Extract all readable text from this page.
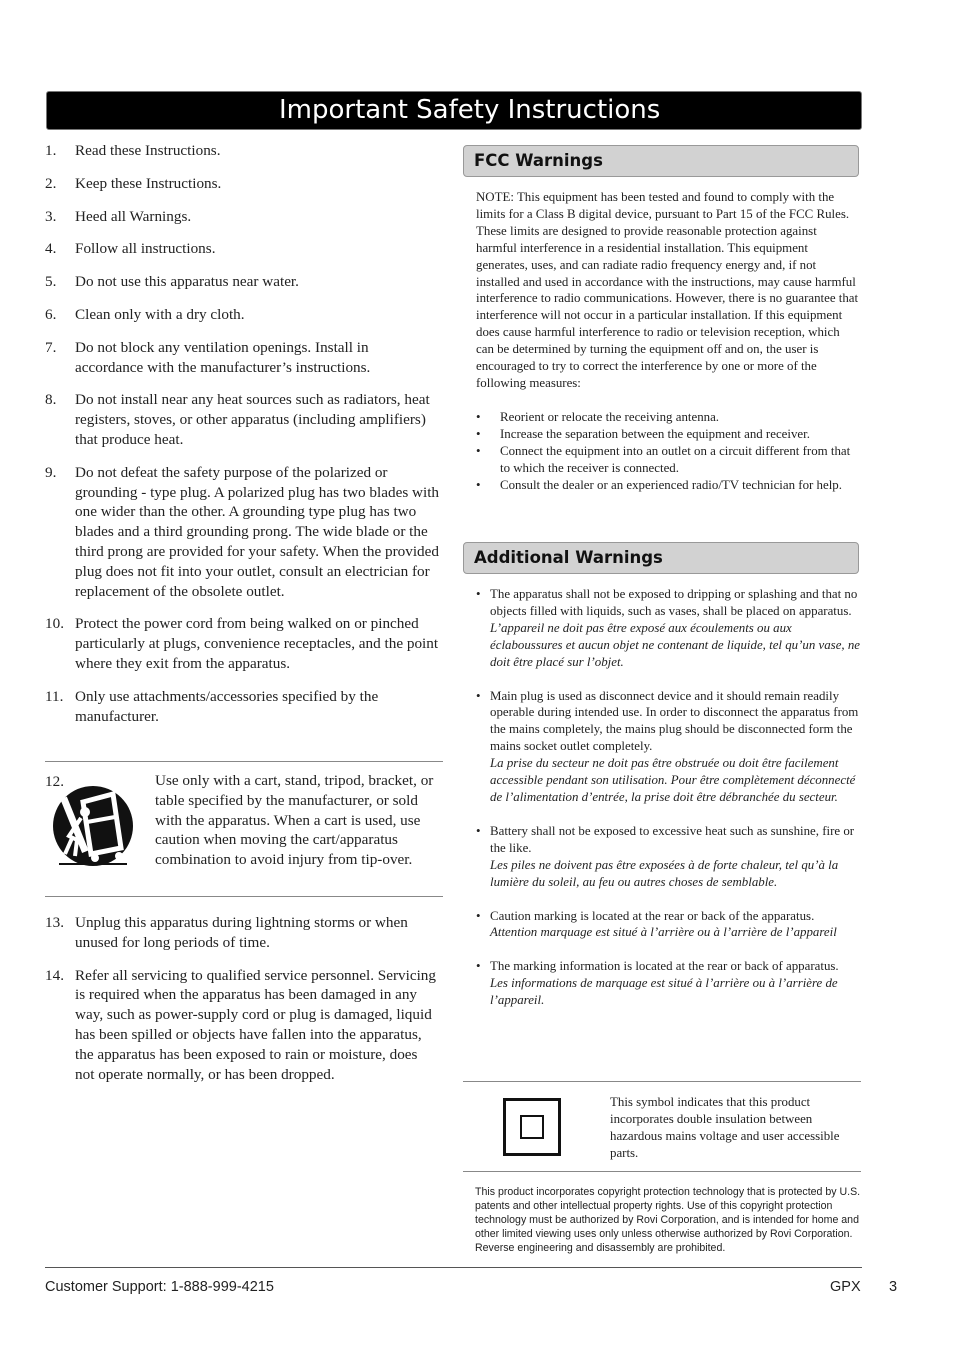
Important Safety Instructions
1. Read these Instructions.
2. Keep these Instructions.
3. Heed all Warnings.
4. Follow all instructions.
5. Do not use this apparatus near water.
6. Clean only with a dry cloth.
7. Do not block any ventilation openings. Install in accordance with the manufacturer’s instructions.
8. Do not install near any heat sources such as radiators, heat registers, stoves, or other apparatus (including amplifiers) that produce heat.
9. Do not defeat the safety purpose of the polarized or grounding - type plug. A polarized plug has two blades with one wider than the other. A grounding type plug has two blades and a third grounding prong. The wide blade or the third prong are provided for your safety. When the provided plug does not fit into your outlet, consult an electrician for replacement of the obsolete outlet.
10. Protect the power cord from being walked on or pinched particularly at plugs, convenience receptacles, and the point where they exit from the apparatus.
11. Only use attachments/accessories specified by the manufacturer.
12.	Use only with a cart, stand, tripod, bracket, or table specified by the manufacturer, or sold with the apparatus. When a cart is used, use caution when moving the cart/apparatus combination to avoid injury from tip-over.
13. Unplug this apparatus during lightning storms or when unused for long periods of time.
14. Refer all servicing to qualified service personnel. Servicing is required when the apparatus has been damaged in any way, such as power-supply cord or plug is damaged, liquid has been spilled or objects have fallen into the apparatus, the apparatus has been exposed to rain or moisture, does not operate normally, or has been dropped.
FCC Warnings
NOTE: This equipment has been tested and found to comply with the limits for a Class B digital device, pursuant to Part 15 of the FCC Rules. These limits are designed to provide reasonable protection against harmful interference in a residential installation. This equipment generates, uses, and can radiate radio frequency energy and, if not installed and used in accordance with the instructions, may cause harmful interference to radio communications. However, there is no guarantee that interference will not occur in a particular installation. If this equipment does cause harmful interference to radio or television reception, which can be determined by turning the equipment off and on, the user is encouraged to try to correct the interference by one or more of the following measures:
• Reorient or relocate the receiving antenna.
• Increase the separation between the equipment and receiver.
• Connect the equipment into an outlet on a circuit different from that to which the receiver is connected.
• Consult the dealer or an experienced radio/TV technician for help.
Additional Warnings
• The apparatus shall not be exposed to dripping or splashing and that no objects filled with liquids, such as vases, shall be placed on apparatus.
L’appareil ne doit pas être exposé aux écoulements ou aux éclaboussures et aucun objet ne contenant de liquide, tel qu’un vase, ne doit être placé sur l’objet.
• Main plug is used as disconnect device and it should remain readily operable during intended use. In order to disconnect the apparatus from the mains completely, the mains plug should be disconnected form the mains socket outlet completely.
La prise du secteur ne doit pas être obstruée ou doit être facilement accessible pendant son utilisation. Pour être complètement déconnecté de l’alimentation d’entrée, la prise doit être débranchée du secteur.
• Battery shall not be exposed to excessive heat such as sunshine, fire or the like.
Les piles ne doivent pas être exposées à de forte chaleur, tel qu’à la lumière du soleil, au feu ou autres choses de semblable.
• Caution marking is located at the rear or back of the apparatus.
Attention marquage est situé à l’arrière ou à l’arrière de l’appareil
• The marking information is located at the rear or back of apparatus.
Les informations de marquage est situé à l’arrière ou à l’arrière de l’appareil.
This symbol indicates that this product incorporates double insulation between hazardous mains voltage and user accessible parts.
This product incorporates copyright protection technology that is protected by U.S. patents and other intellectual property rights. Use of this copyright protection technology must be authorized by Rovi Corporation, and is intended for home and other limited viewing uses only unless otherwise authorized by Rovi Corporation. Reverse engineering and disassembly are prohibited.
Customer Support: 1-888-999-4215	GPX 3
